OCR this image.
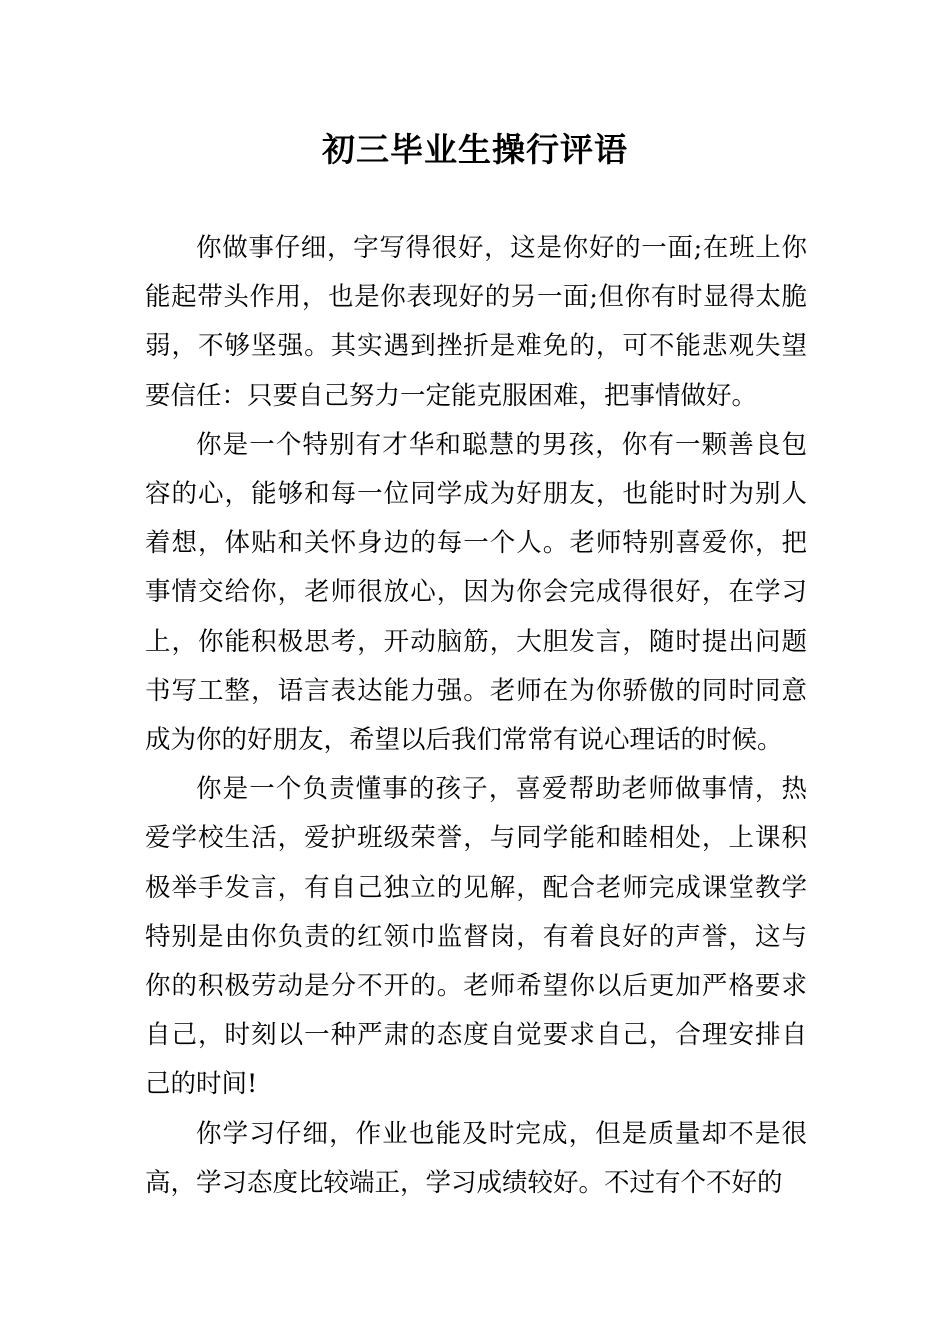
初三毕业生操行评语

你做事仔细，字写得很好，这是你好的一面;在班上你能起带头作用，也是你表现好的另一面;但你有时显得太脆弱，不够坚强。其实遇到挫折是难免的，可不能悲观失望要信任：只要自己努力一定能克服困难，把事情做好。

你是一个特别有才华和聪慧的男孩，你有一颗善良包容的心，能够和每一位同学成为好朋友，也能时时为别人着想，体贴和关怀身边的每一个人。老师特别喜爱你，把事情交给你，老师很放心，因为你会完成得很好，在学习上，你能积极思考，开动脑筋，大胆发言，随时提出问题书写工整，语言表达能力强。老师在为你骄傲的同时同意成为你的好朋友，希望以后我们常常有说心理话的时候。

你是一个负责懂事的孩子，喜爱帮助老师做事情，热爱学校生活，爱护班级荣誉，与同学能和睦相处，上课积极举手发言，有自己独立的见解，配合老师完成课堂教学特别是由你负责的红领巾监督岗，有着良好的声誉，这与你的积极劳动是分不开的。老师希望你以后更加严格要求自己，时刻以一种严肃的态度自觉要求自己，合理安排自己的时间!

你学习仔细，作业也能及时完成，但是质量却不是很高，学习态度比较端正，学习成绩较好。不过有个不好的
